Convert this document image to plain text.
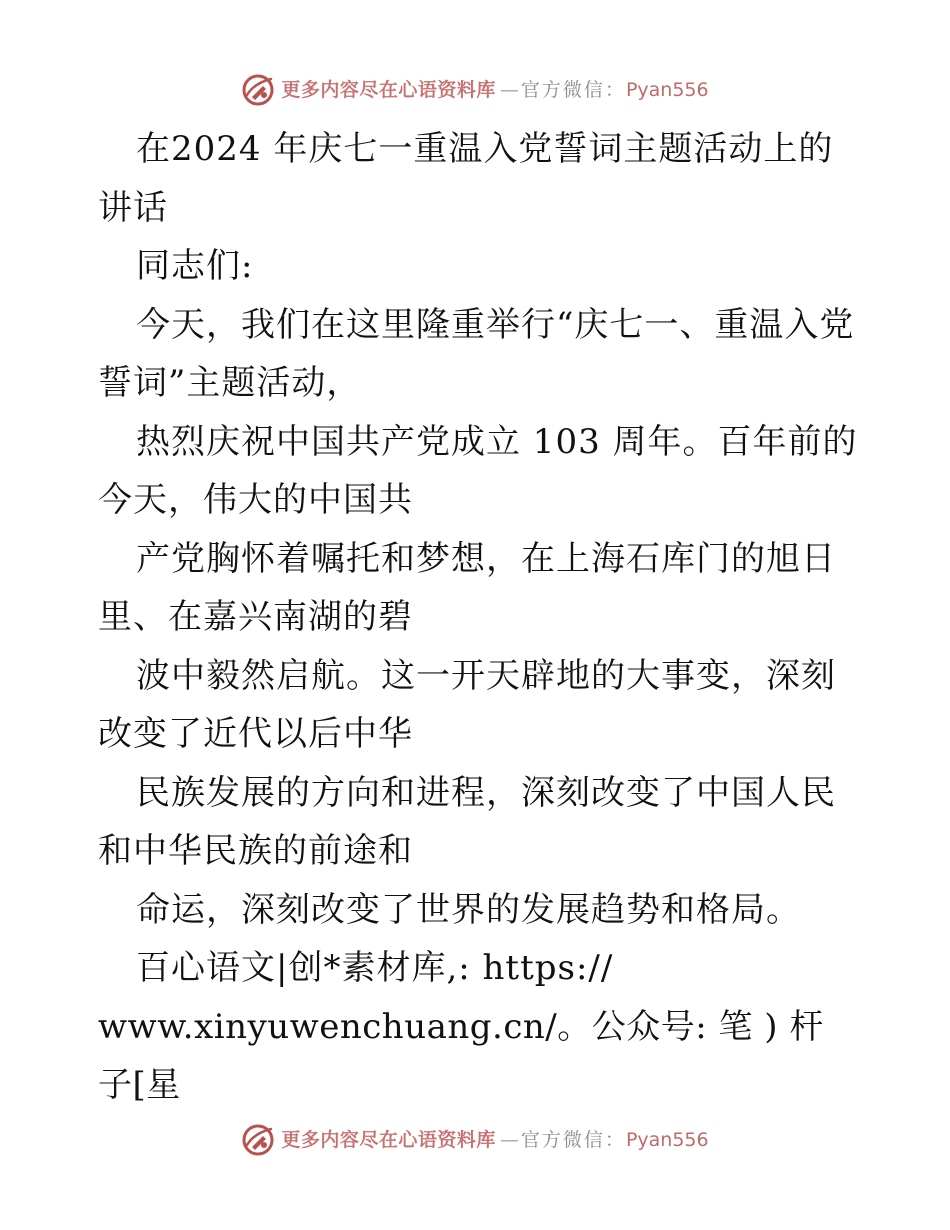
更多内容尽在心语资料库 — 官方微信： Pyan556

在2024 年庆七一重温入党誓词主题活动上的讲话

同志们:

今天，我们在这里隆重举行“庆七一、重温入党誓词”主题活动，

热烈庆祝中国共产党成立 103 周年。百年前的今天，伟大的中国共

产党胸怀着嘱托和梦想，在上海石库门的旭日里、在嘉兴南湖的碧

波中毅然启航。这一开天辟地的大事变，深刻改变了近代以后中华

民族发展的方向和进程，深刻改变了中国人民和中华民族的前途和

命运，深刻改变了世界的发展趋势和格局。

百心语文|创*素材库,: https://

www.xinyuwenchuang.cn/。公众号: 笔 ) 杆子[星

更多内容尽在心语资料库 — 官方微信： Pyan556
